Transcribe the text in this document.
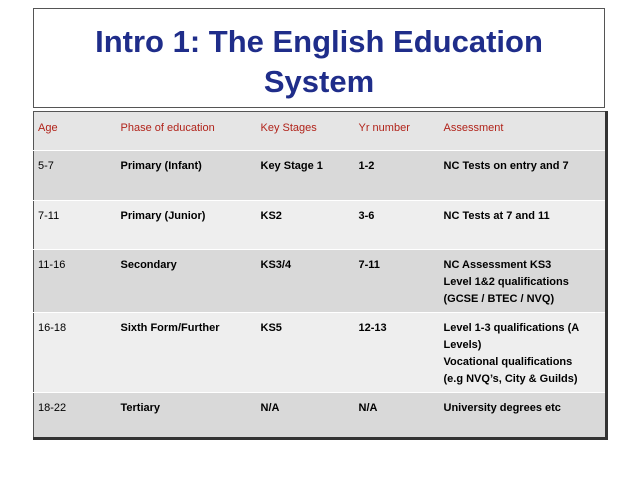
Intro 1: The English Education
System
Age	Phase of education	Key Stages	Yr number	Assessment
5-7	Primary (Infant)	Key Stage 1	1-2	NC Tests on entry and 7

7-11	Primary (Junior)	KS2	3-6	NC Tests at 7 and 11

11-16	Secondary	KS3/4	7-11	NC Assessment KS3
Level 1&2 qualifications
(GCSE / BTEC / NVQ)

16-18	Sixth Form/Further	KS5	12-13	Level 1-3 qualifications (A
Levels)
Vocational qualifications
(e.g NVQ’s, City & Guilds)

18-22	Tertiary	N/A	N/A	University degrees etc
